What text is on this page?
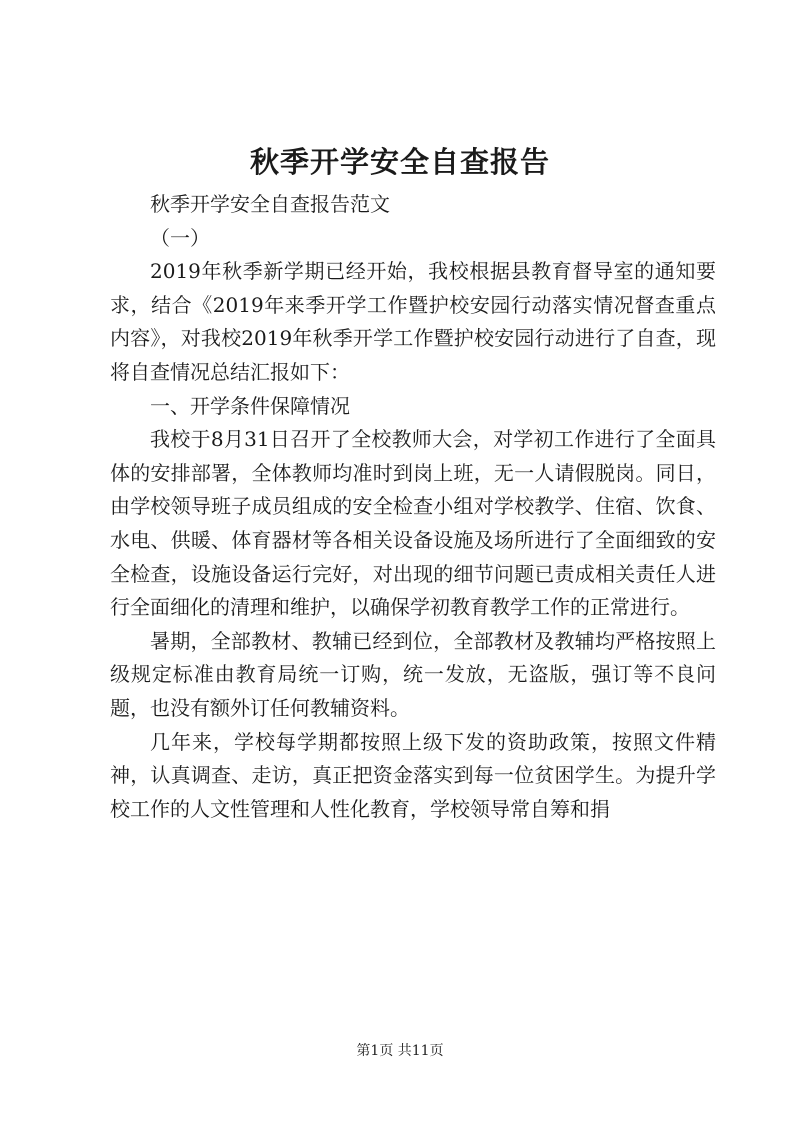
秋季开学安全自查报告

秋季开学安全自查报告范文

（一）

2019年秋季新学期已经开始，我校根据县教育督导室的通知要求，结合《2019年来季开学工作暨护校安园行动落实情况督查重点内容》，对我校2019年秋季开学工作暨护校安园行动进行了自查，现将自查情况总结汇报如下：

一、开学条件保障情况

我校于8月31日召开了全校教师大会，对学初工作进行了全面具体的安排部署，全体教师均准时到岗上班，无一人请假脱岗。同日，由学校领导班子成员组成的安全检查小组对学校教学、住宿、饮食、水电、供暖、体育器材等各相关设备设施及场所进行了全面细致的安全检查，设施设备运行完好，对出现的细节问题已责成相关责任人进行全面细化的清理和维护，以确保学初教育教学工作的正常进行。

暑期，全部教材、教辅已经到位，全部教材及教辅均严格按照上级规定标准由教育局统一订购，统一发放，无盗版，强订等不良问题，也没有额外订任何教辅资料。

几年来，学校每学期都按照上级下发的资助政策，按照文件精神，认真调查、走访，真正把资金落实到每一位贫困学生。为提升学校工作的人文性管理和人性化教育，学校领导常自筹和捐

第1页 共11页
